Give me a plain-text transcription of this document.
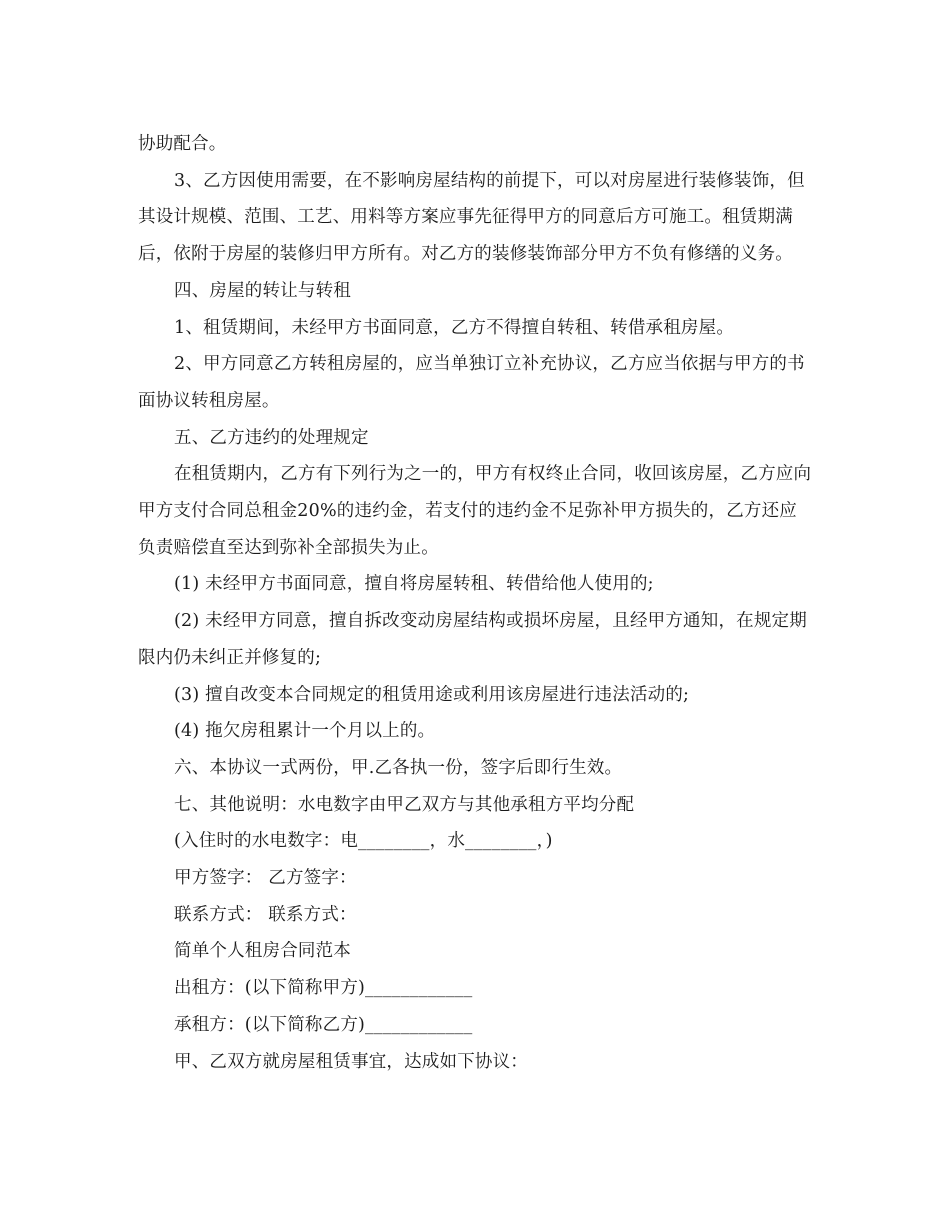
协助配合。

3、乙方因使用需要，在不影响房屋结构的前提下，可以对房屋进行装修装饰，但其设计规模、范围、工艺、用料等方案应事先征得甲方的同意后方可施工。租赁期满后，依附于房屋的装修归甲方所有。对乙方的装修装饰部分甲方不负有修缮的义务。

四、房屋的转让与转租

1、租赁期间，未经甲方书面同意，乙方不得擅自转租、转借承租房屋。

2、甲方同意乙方转租房屋的，应当单独订立补充协议，乙方应当依据与甲方的书面协议转租房屋。

五、乙方违约的处理规定

在租赁期内，乙方有下列行为之一的，甲方有权终止合同，收回该房屋，乙方应向甲方支付合同总租金20%的违约金，若支付的违约金不足弥补甲方损失的，乙方还应负责赔偿直至达到弥补全部损失为止。

(1) 未经甲方书面同意，擅自将房屋转租、转借给他人使用的;

(2) 未经甲方同意，擅自拆改变动房屋结构或损坏房屋，且经甲方通知，在规定期限内仍未纠正并修复的;

(3) 擅自改变本合同规定的租赁用途或利用该房屋进行违法活动的;

(4) 拖欠房租累计一个月以上的。

六、本协议一式两份，甲.乙各执一份，签字后即行生效。

七、其他说明：水电数字由甲乙双方与其他承租方平均分配

(入住时的水电数字：电________，水________，)

甲方签字： 乙方签字：

联系方式： 联系方式：

简单个人租房合同范本

出租方：(以下简称甲方)____________

承租方：(以下简称乙方)____________

甲、乙双方就房屋租赁事宜，达成如下协议：
